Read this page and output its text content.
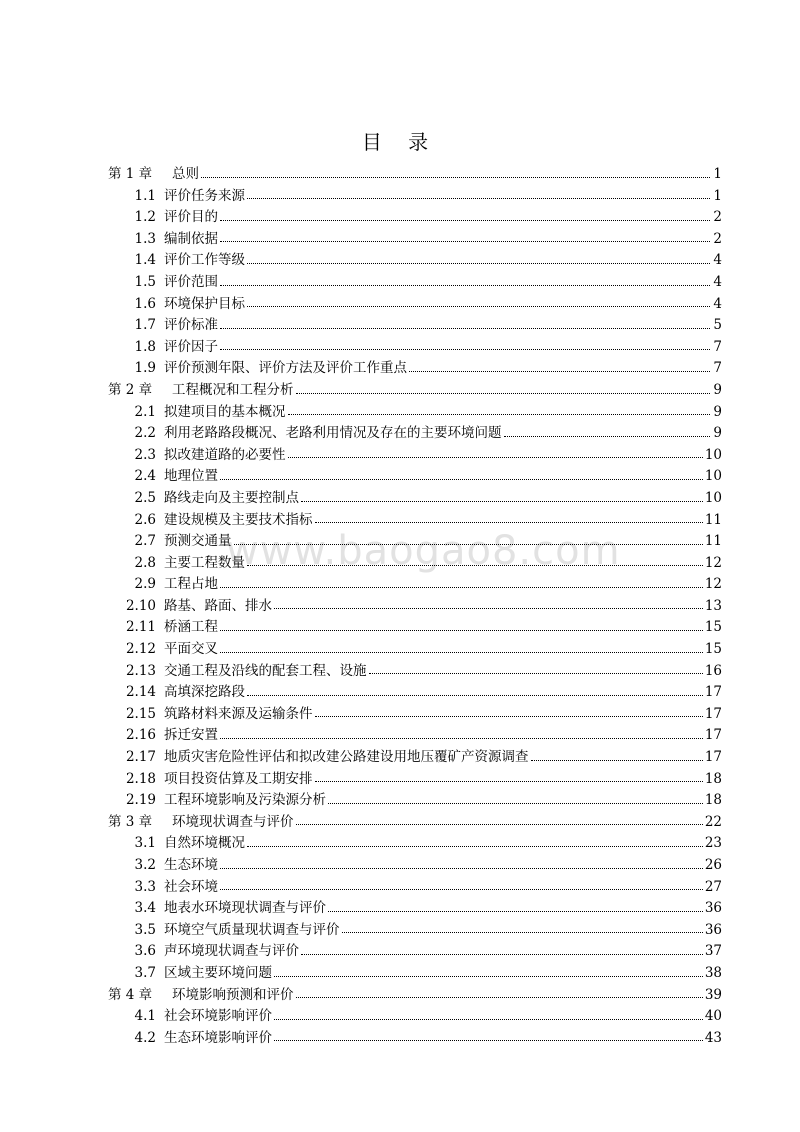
目 录
www.baogao8.com
第 1 章	总则	1
1.1 评价任务来源	1
1.2 评价目的	2
1.3 编制依据	2
1.4 评价工作等级	4
1.5 评价范围	4
1.6 环境保护目标	4
1.7 评价标准	5
1.8 评价因子	7
1.9 评价预测年限、评价方法及评价工作重点	7
第 2 章	工程概况和工程分析	9
2.1 拟建项目的基本概况	9
2.2 利用老路路段概况、老路利用情况及存在的主要环境问题	9
2.3 拟改建道路的必要性	10
2.4 地理位置	10
2.5 路线走向及主要控制点	10
2.6 建设规模及主要技术指标	11
2.7 预测交通量	11
2.8 主要工程数量	12
2.9 工程占地	12
2.10 路基、路面、排水	13
2.11 桥涵工程	15
2.12 平面交叉	15
2.13 交通工程及沿线的配套工程、设施	16
2.14 高填深挖路段	17
2.15 筑路材料来源及运输条件	17
2.16 拆迁安置	17
2.17 地质灾害危险性评估和拟改建公路建设用地压覆矿产资源调查	17
2.18 项目投资估算及工期安排	18
2.19 工程环境影响及污染源分析	18
第 3 章	环境现状调查与评价	22
3.1 自然环境概况	23
3.2 生态环境	26
3.3 社会环境	27
3.4 地表水环境现状调查与评价	36
3.5 环境空气质量现状调查与评价	36
3.6 声环境现状调查与评价	37
3.7 区域主要环境问题	38
第 4 章	环境影响预测和评价	39
4.1 社会环境影响评价	40
4.2 生态环境影响评价	43
